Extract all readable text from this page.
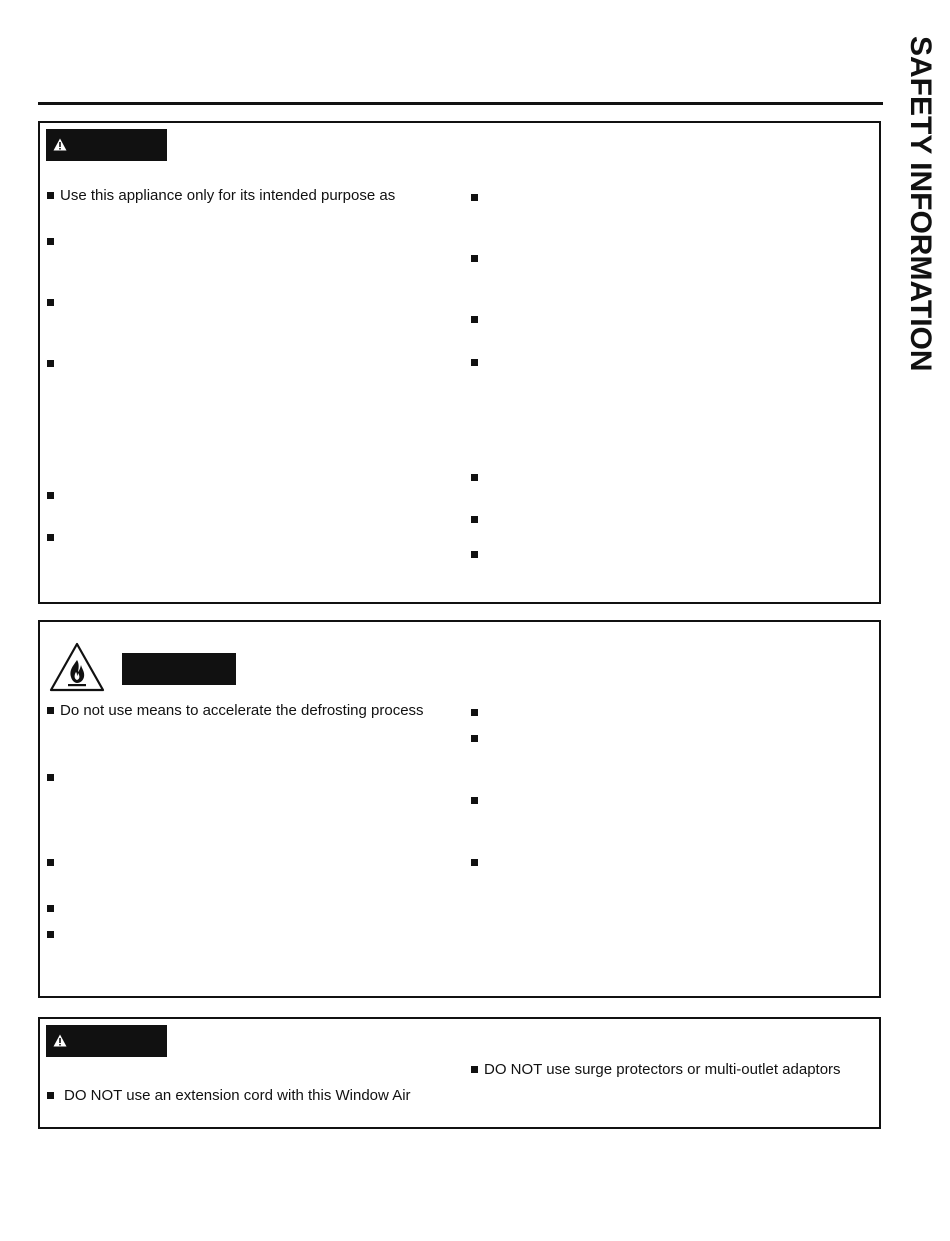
SAFETY INFORMATION
Use this appliance only for its intended purpose as
Do not use means to accelerate the defrosting process
DO NOT use surge protectors or multi-outlet adaptors
DO NOT use an extension cord with this Window Air
